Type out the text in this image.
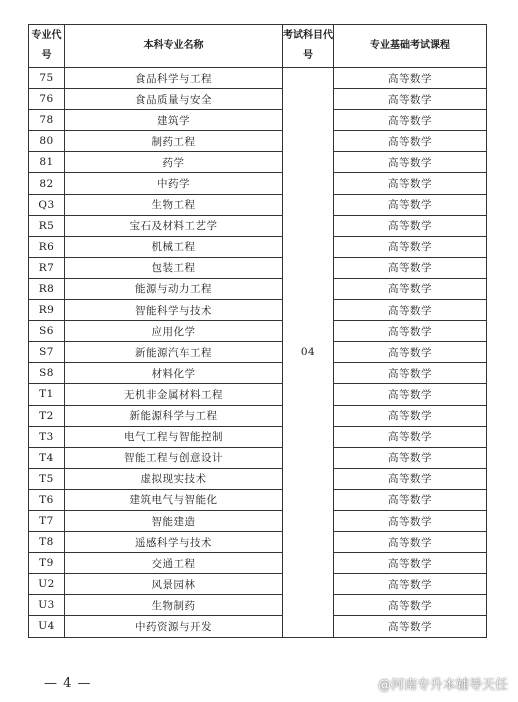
专业代号	本科专业名称	考试科目代号	专业基础考试课程
75	食品科学与工程	04	高等数学
76	食品质量与安全		高等数学
78	建筑学		高等数学
80	制药工程		高等数学
81	药学		高等数学
82	中药学		高等数学
Q3	生物工程		高等数学
R5	宝石及材料工艺学		高等数学
R6	机械工程		高等数学
R7	包装工程		高等数学
R8	能源与动力工程		高等数学
R9	智能科学与技术		高等数学
S6	应用化学		高等数学
S7	新能源汽车工程		高等数学
S8	材料化学		高等数学
T1	无机非金属材料工程		高等数学
T2	新能源科学与工程		高等数学
T3	电气工程与智能控制		高等数学
T4	智能工程与创意设计		高等数学
T5	虚拟现实技术		高等数学
T6	建筑电气与智能化		高等数学
T7	智能建造		高等数学
T8	遥感科学与技术		高等数学
T9	交通工程		高等数学
U2	风景园林		高等数学
U3	生物制药		高等数学
U4	中药资源与开发		高等数学
— 4 —	@河南专升本辅导天任
